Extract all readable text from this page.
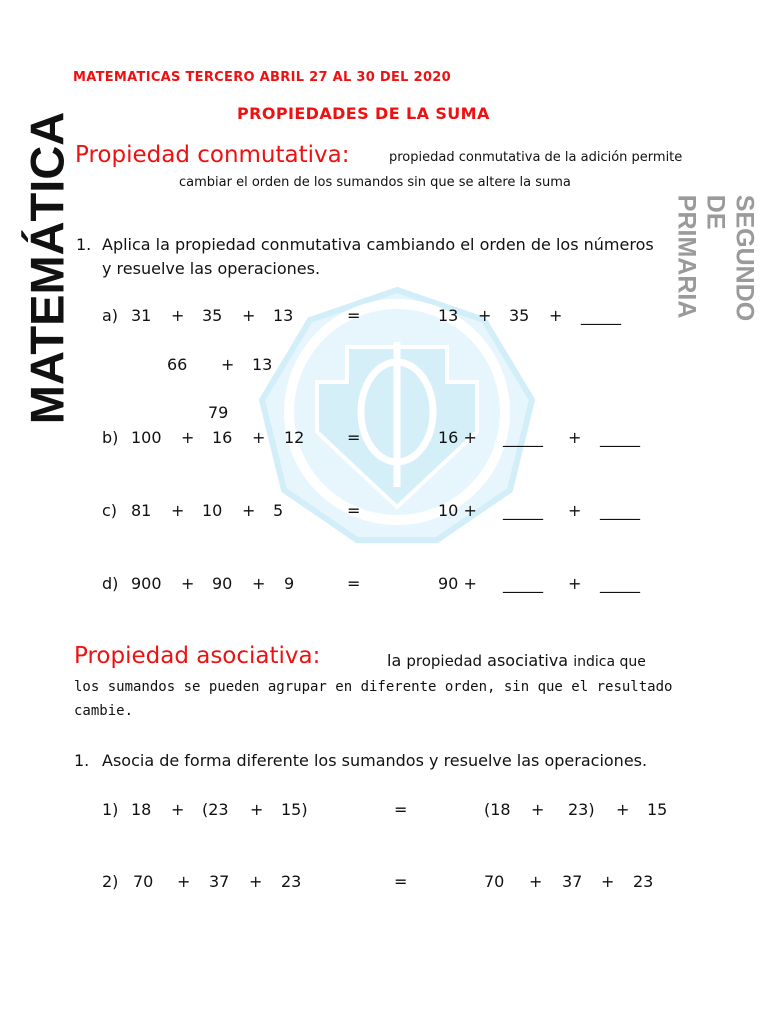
MATEMÁTICA	SEGUNDO DE PRIMARIA
MATEMATICAS TERCERO ABRIL 27 AL 30 DEL 2020
PROPIEDADES DE LA SUMA
Propiedad conmutativa:	propiedad conmutativa de la adición permite
cambiar el orden de los sumandos sin que se altere la suma
1. Aplica la propiedad conmutativa cambiando el orden de los números
y resuelve las operaciones.
a) 31 + 35 + 13	=	13 + 35 + _____
66 + 13
79
b) 100 + 16 + 12	=	16 + _____ + _____
c) 81 + 10 + 5	=	10 + _____ + _____
d) 900 + 90 + 9	=	90 + _____ + _____
Propiedad asociativa:	la propiedad asociativa indica que
los sumandos se pueden agrupar en diferente orden, sin que el resultado
cambie.
1. Asocia de forma diferente los sumandos y resuelve las operaciones.
1) 18 + (23 + 15)	=	(18 + 23) + 15
2) 70 + 37 + 23	=	70 + 37 + 23
